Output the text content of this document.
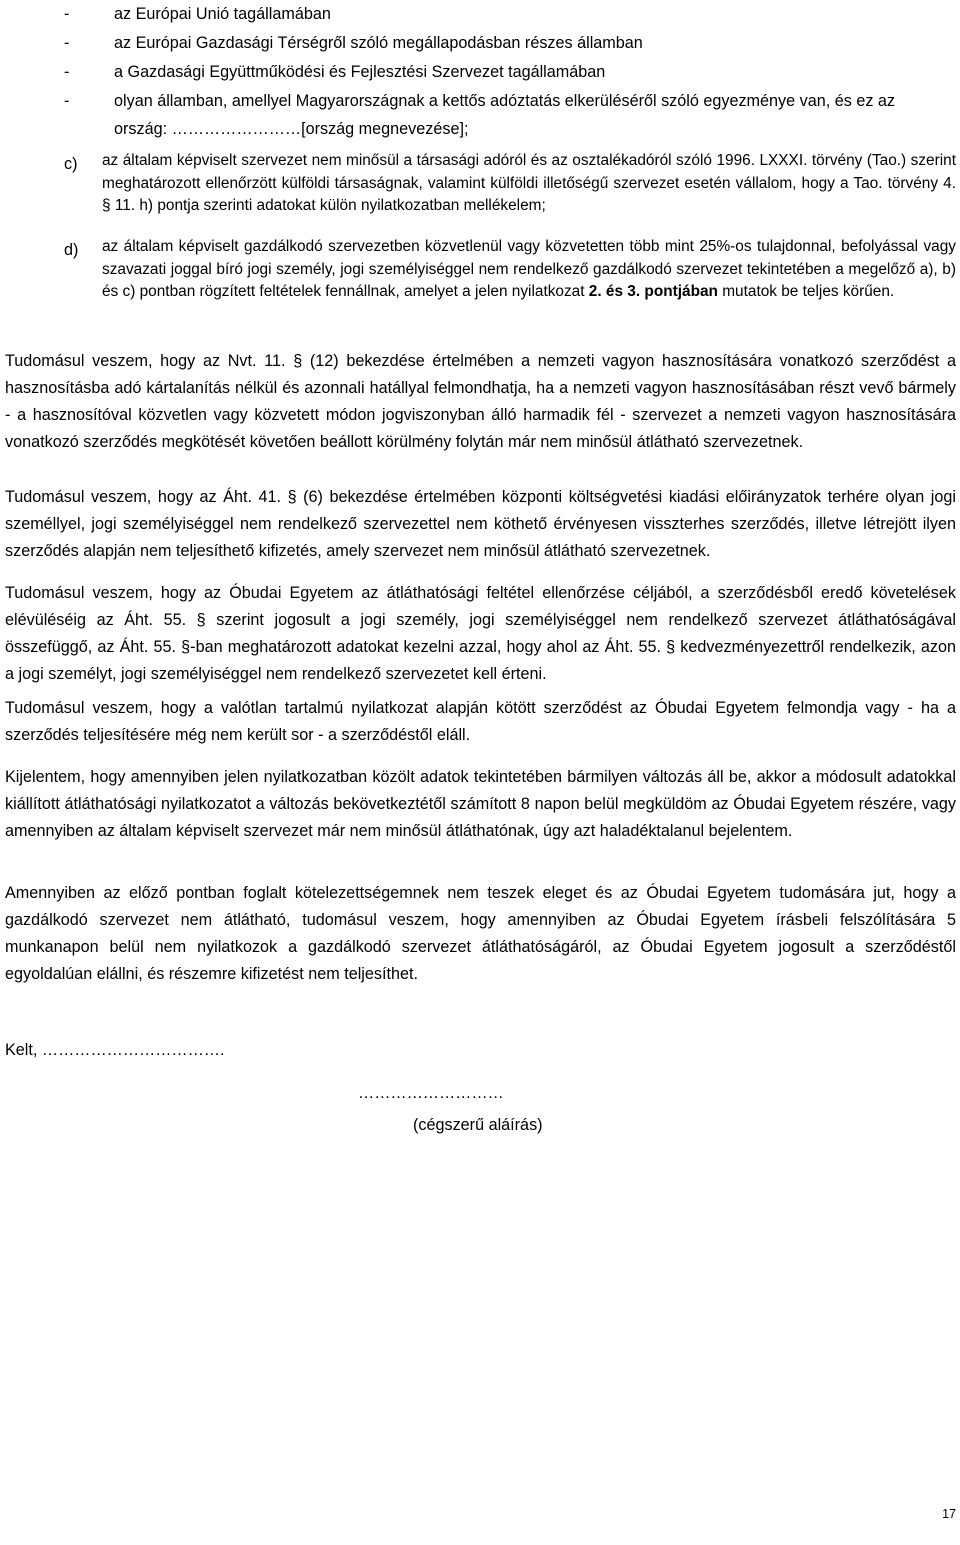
-	az Európai Unió tagállamában
-	az Európai Gazdasági Térségről szóló megállapodásban részes államban
-	a Gazdasági Együttműködési és Fejlesztési Szervezet tagállamában
-	olyan államban, amellyel Magyarországnak a kettős adóztatás elkerüléséről szóló egyezménye van, és ez az
ország: ……………………[ország megnevezése];
c)	az általam képviselt szervezet nem minősül a társasági adóról és az osztalékadóról szóló 1996. LXXXI. törvény (Tao.) szerint meghatározott ellenőrzött külföldi társaságnak, valamint külföldi illetőségű szervezet esetén vállalom, hogy a Tao. törvény 4. § 11. h) pontja szerinti adatokat külön nyilatkozatban mellékelem;
d)	az általam képviselt gazdálkodó szervezetben közvetlenül vagy közvetetten több mint 25%-os tulajdonnal, befolyással vagy szavazati joggal bíró jogi személy, jogi személyiséggel nem rendelkező gazdálkodó szervezet tekintetében a megelőző a), b) és c) pontban rögzített feltételek fennállnak, amelyet a jelen nyilatkozat 2. és 3. pontjában mutatok be teljes körűen.
Tudomásul veszem, hogy az Nvt. 11. § (12) bekezdése értelmében a nemzeti vagyon hasznosítására vonatkozó szerződést a hasznosításba adó kártalanítás nélkül és azonnali hatállyal felmondhatja, ha a nemzeti vagyon hasznosításában részt vevő bármely - a hasznosítóval közvetlen vagy közvetett módon jogviszonyban álló harmadik fél - szervezet a nemzeti vagyon hasznosítására vonatkozó szerződés megkötését követően beállott körülmény folytán már nem minősül átlátható szervezetnek.
Tudomásul veszem, hogy az Áht. 41. § (6) bekezdése értelmében központi költségvetési kiadási előirányzatok terhére olyan jogi személlyel, jogi személyiséggel nem rendelkező szervezettel nem köthető érvényesen visszterhes szerződés, illetve létrejött ilyen szerződés alapján nem teljesíthető kifizetés, amely szervezet nem minősül átlátható szervezetnek.
Tudomásul veszem, hogy az Óbudai Egyetem az átláthatósági feltétel ellenőrzése céljából, a szerződésből eredő követelések elévüléséig az Áht. 55. § szerint jogosult a jogi személy, jogi személyiséggel nem rendelkező szervezet átláthatóságával összefüggő, az Áht. 55. §-ban meghatározott adatokat kezelni azzal, hogy ahol az Áht. 55. § kedvezményezettről rendelkezik, azon a jogi személyt, jogi személyiséggel nem rendelkező szervezetet kell érteni.
Tudomásul veszem, hogy a valótlan tartalmú nyilatkozat alapján kötött szerződést az Óbudai Egyetem felmondja vagy - ha a szerződés teljesítésére még nem került sor - a szerződéstől eláll.
Kijelentem, hogy amennyiben jelen nyilatkozatban közölt adatok tekintetében bármilyen változás áll be, akkor a módosult adatokkal kiállított átláthatósági nyilatkozatot a változás bekövetkeztétől számított 8 napon belül megküldöm az Óbudai Egyetem részére, vagy amennyiben az általam képviselt szervezet már nem minősül átláthatónak, úgy azt haladéktalanul bejelentem.
Amennyiben az előző pontban foglalt kötelezettségemnek nem teszek eleget és az Óbudai Egyetem tudomására jut, hogy a gazdálkodó szervezet nem átlátható, tudomásul veszem, hogy amennyiben az Óbudai Egyetem írásbeli felszólítására 5 munkanapon belül nem nyilatkozok a gazdálkodó szervezet átláthatóságáról, az Óbudai Egyetem jogosult a szerződéstől egyoldalúan elállni, és részemre kifizetést nem teljesíthet.
Kelt, …………………………….
………………………
(cégszerű aláírás)
17
